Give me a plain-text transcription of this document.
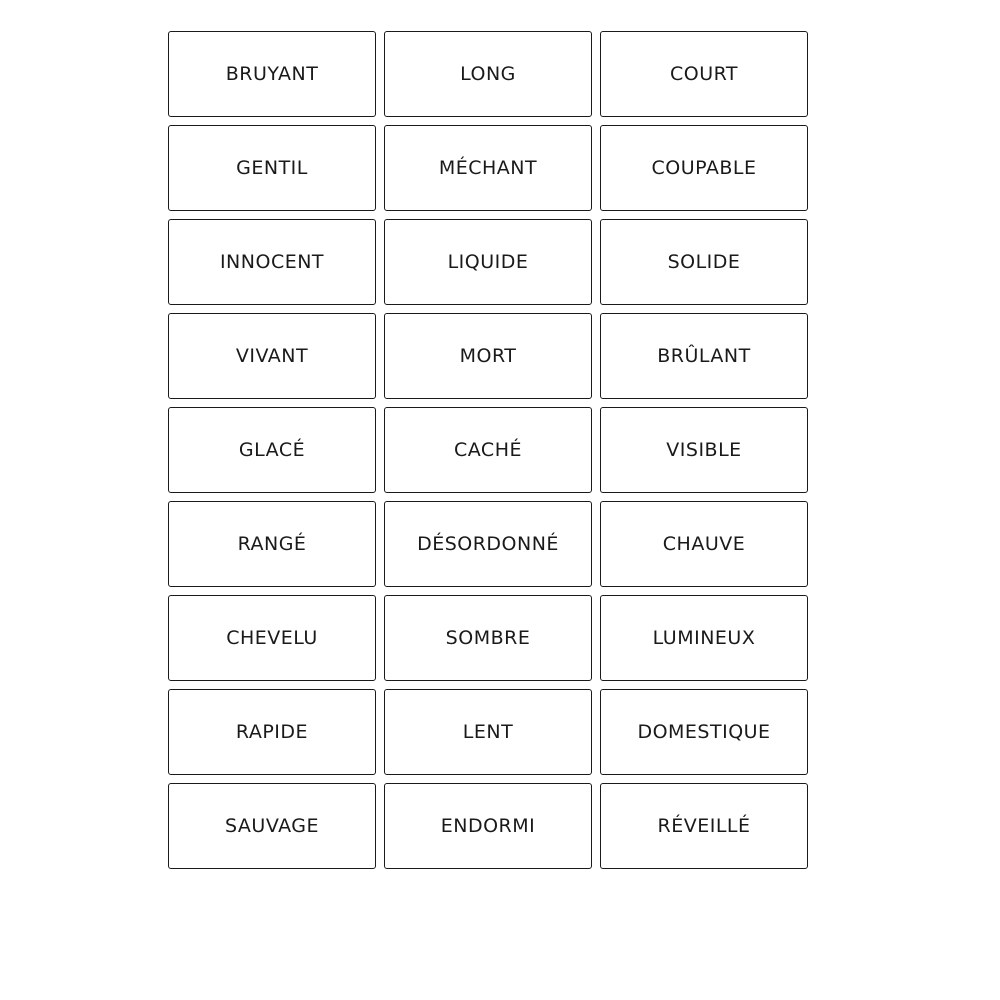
BRUYANT	LONG	COURT
GENTIL	MÉCHANT	COUPABLE
INNOCENT	LIQUIDE	SOLIDE
VIVANT	MORT	BRÛLANT
GLACÉ	CACHÉ	VISIBLE
RANGÉ	DÉSORDONNÉ	CHAUVE
CHEVELU	SOMBRE	LUMINEUX
RAPIDE	LENT	DOMESTIQUE
SAUVAGE	ENDORMI	RÉVEILLÉ
